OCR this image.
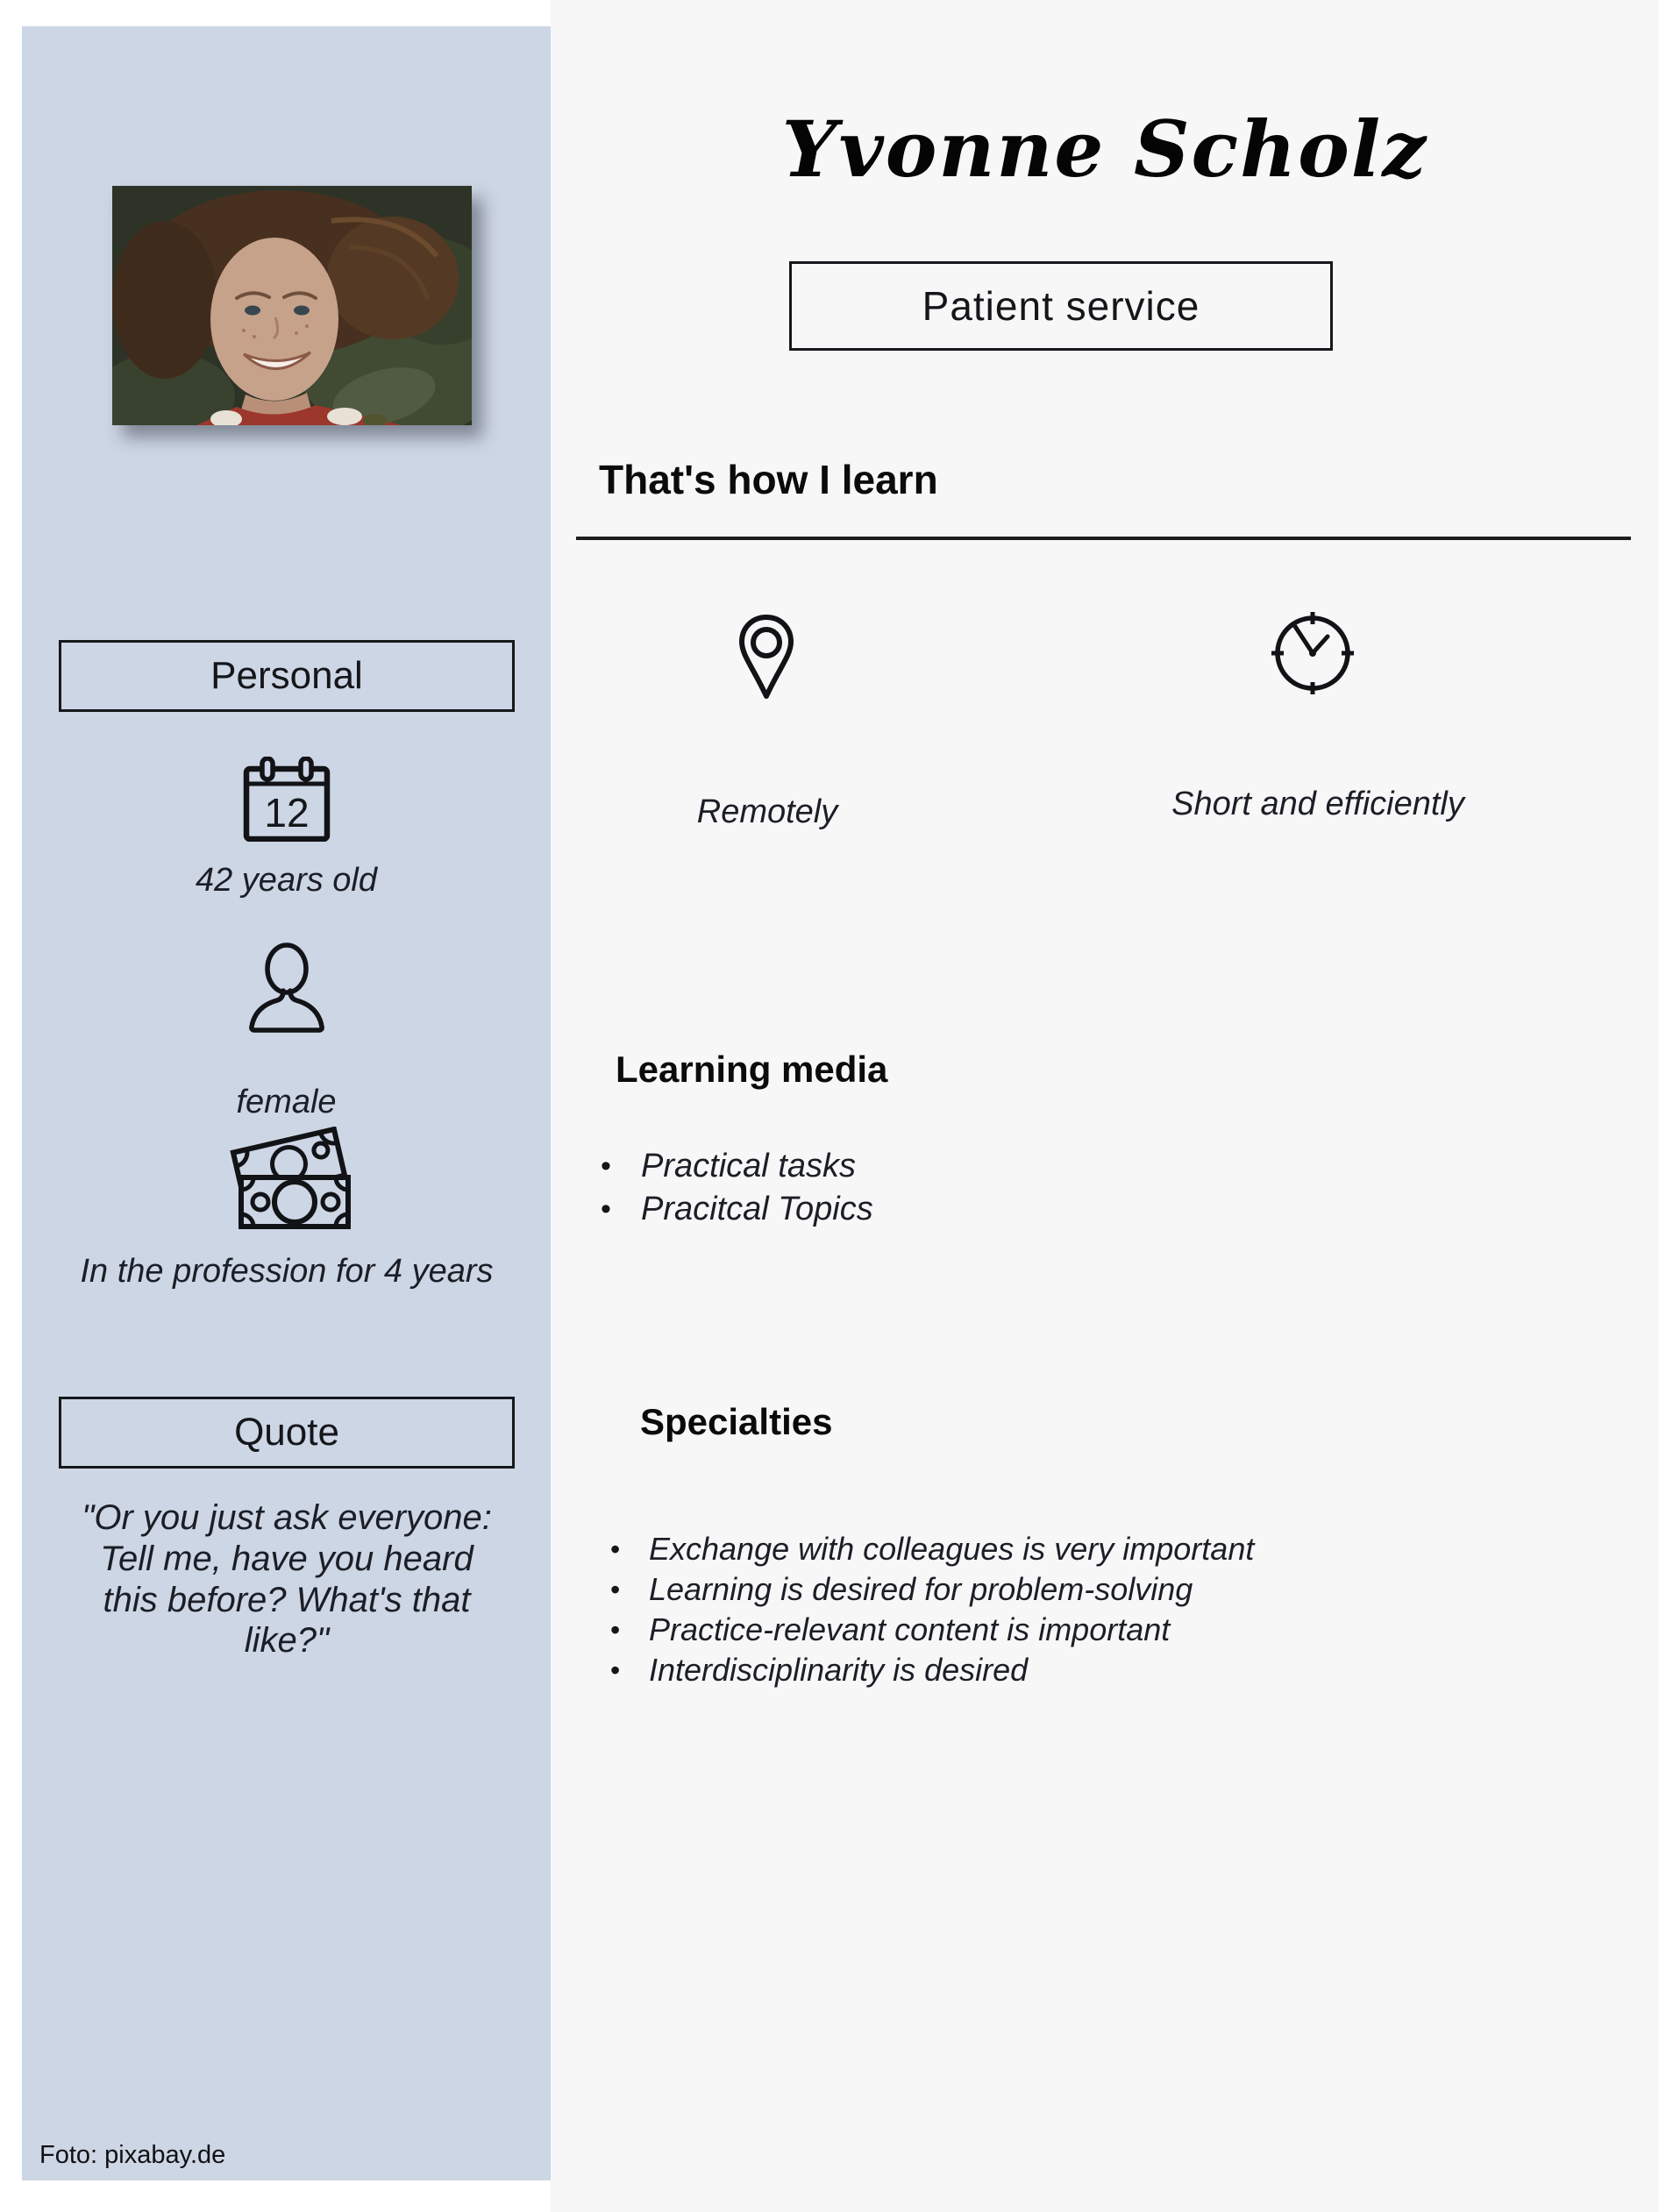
Yvonne Scholz
Patient service
That's how I learn
Remotely	Short and efficiently
Learning media
• Practical tasks
• Pracitcal Topics
Specialties
• Exchange with colleagues is very important
• Learning is desired for problem-solving
• Practice-relevant content is important
• Interdisciplinarity is desired
Personal
12
42 years old
female
In the profession for 4 years
Quote
"Or you just ask everyone: Tell me, have you heard this before? What's that like?"
Foto: pixabay.de
